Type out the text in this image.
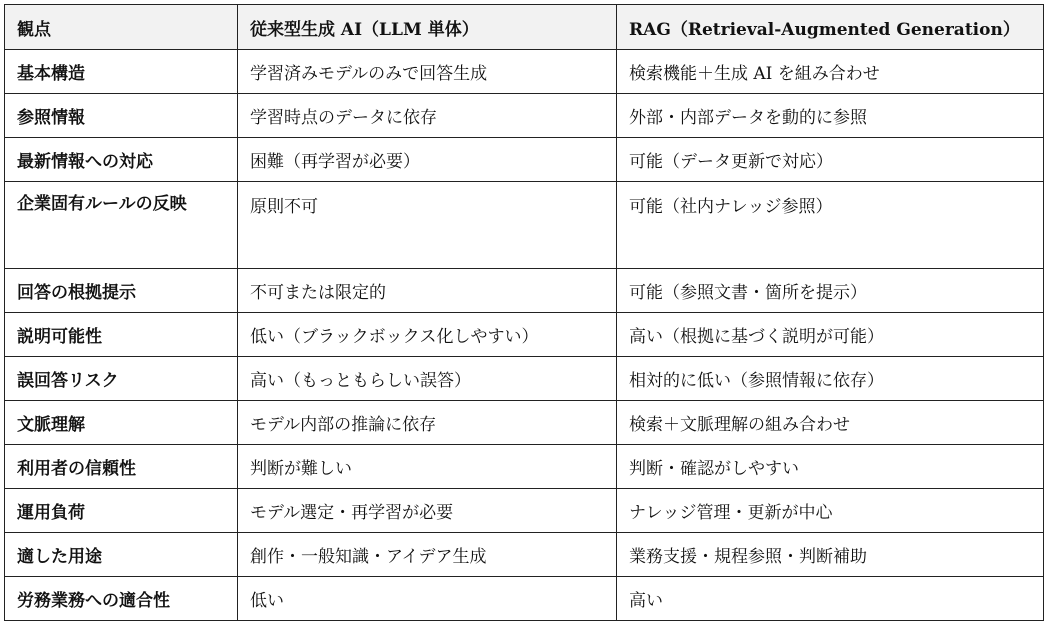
観点	従来型生成 AI（LLM 単体）	RAG（Retrieval-Augmented Generation）
基本構造	学習済みモデルのみで回答生成	検索機能＋生成 AI を組み合わせ
参照情報	学習時点のデータに依存	外部・内部データを動的に参照
最新情報への対応	困難（再学習が必要）	可能（データ更新で対応）
企業固有ルールの反映	原則不可	可能（社内ナレッジ参照）
回答の根拠提示	不可または限定的	可能（参照文書・箇所を提示）
説明可能性	低い（ブラックボックス化しやすい）	高い（根拠に基づく説明が可能）
誤回答リスク	高い（もっともらしい誤答）	相対的に低い（参照情報に依存）
文脈理解	モデル内部の推論に依存	検索＋文脈理解の組み合わせ
利用者の信頼性	判断が難しい	判断・確認がしやすい
運用負荷	モデル選定・再学習が必要	ナレッジ管理・更新が中心
適した用途	創作・一般知識・アイデア生成	業務支援・規程参照・判断補助
労務業務への適合性	低い	高い
